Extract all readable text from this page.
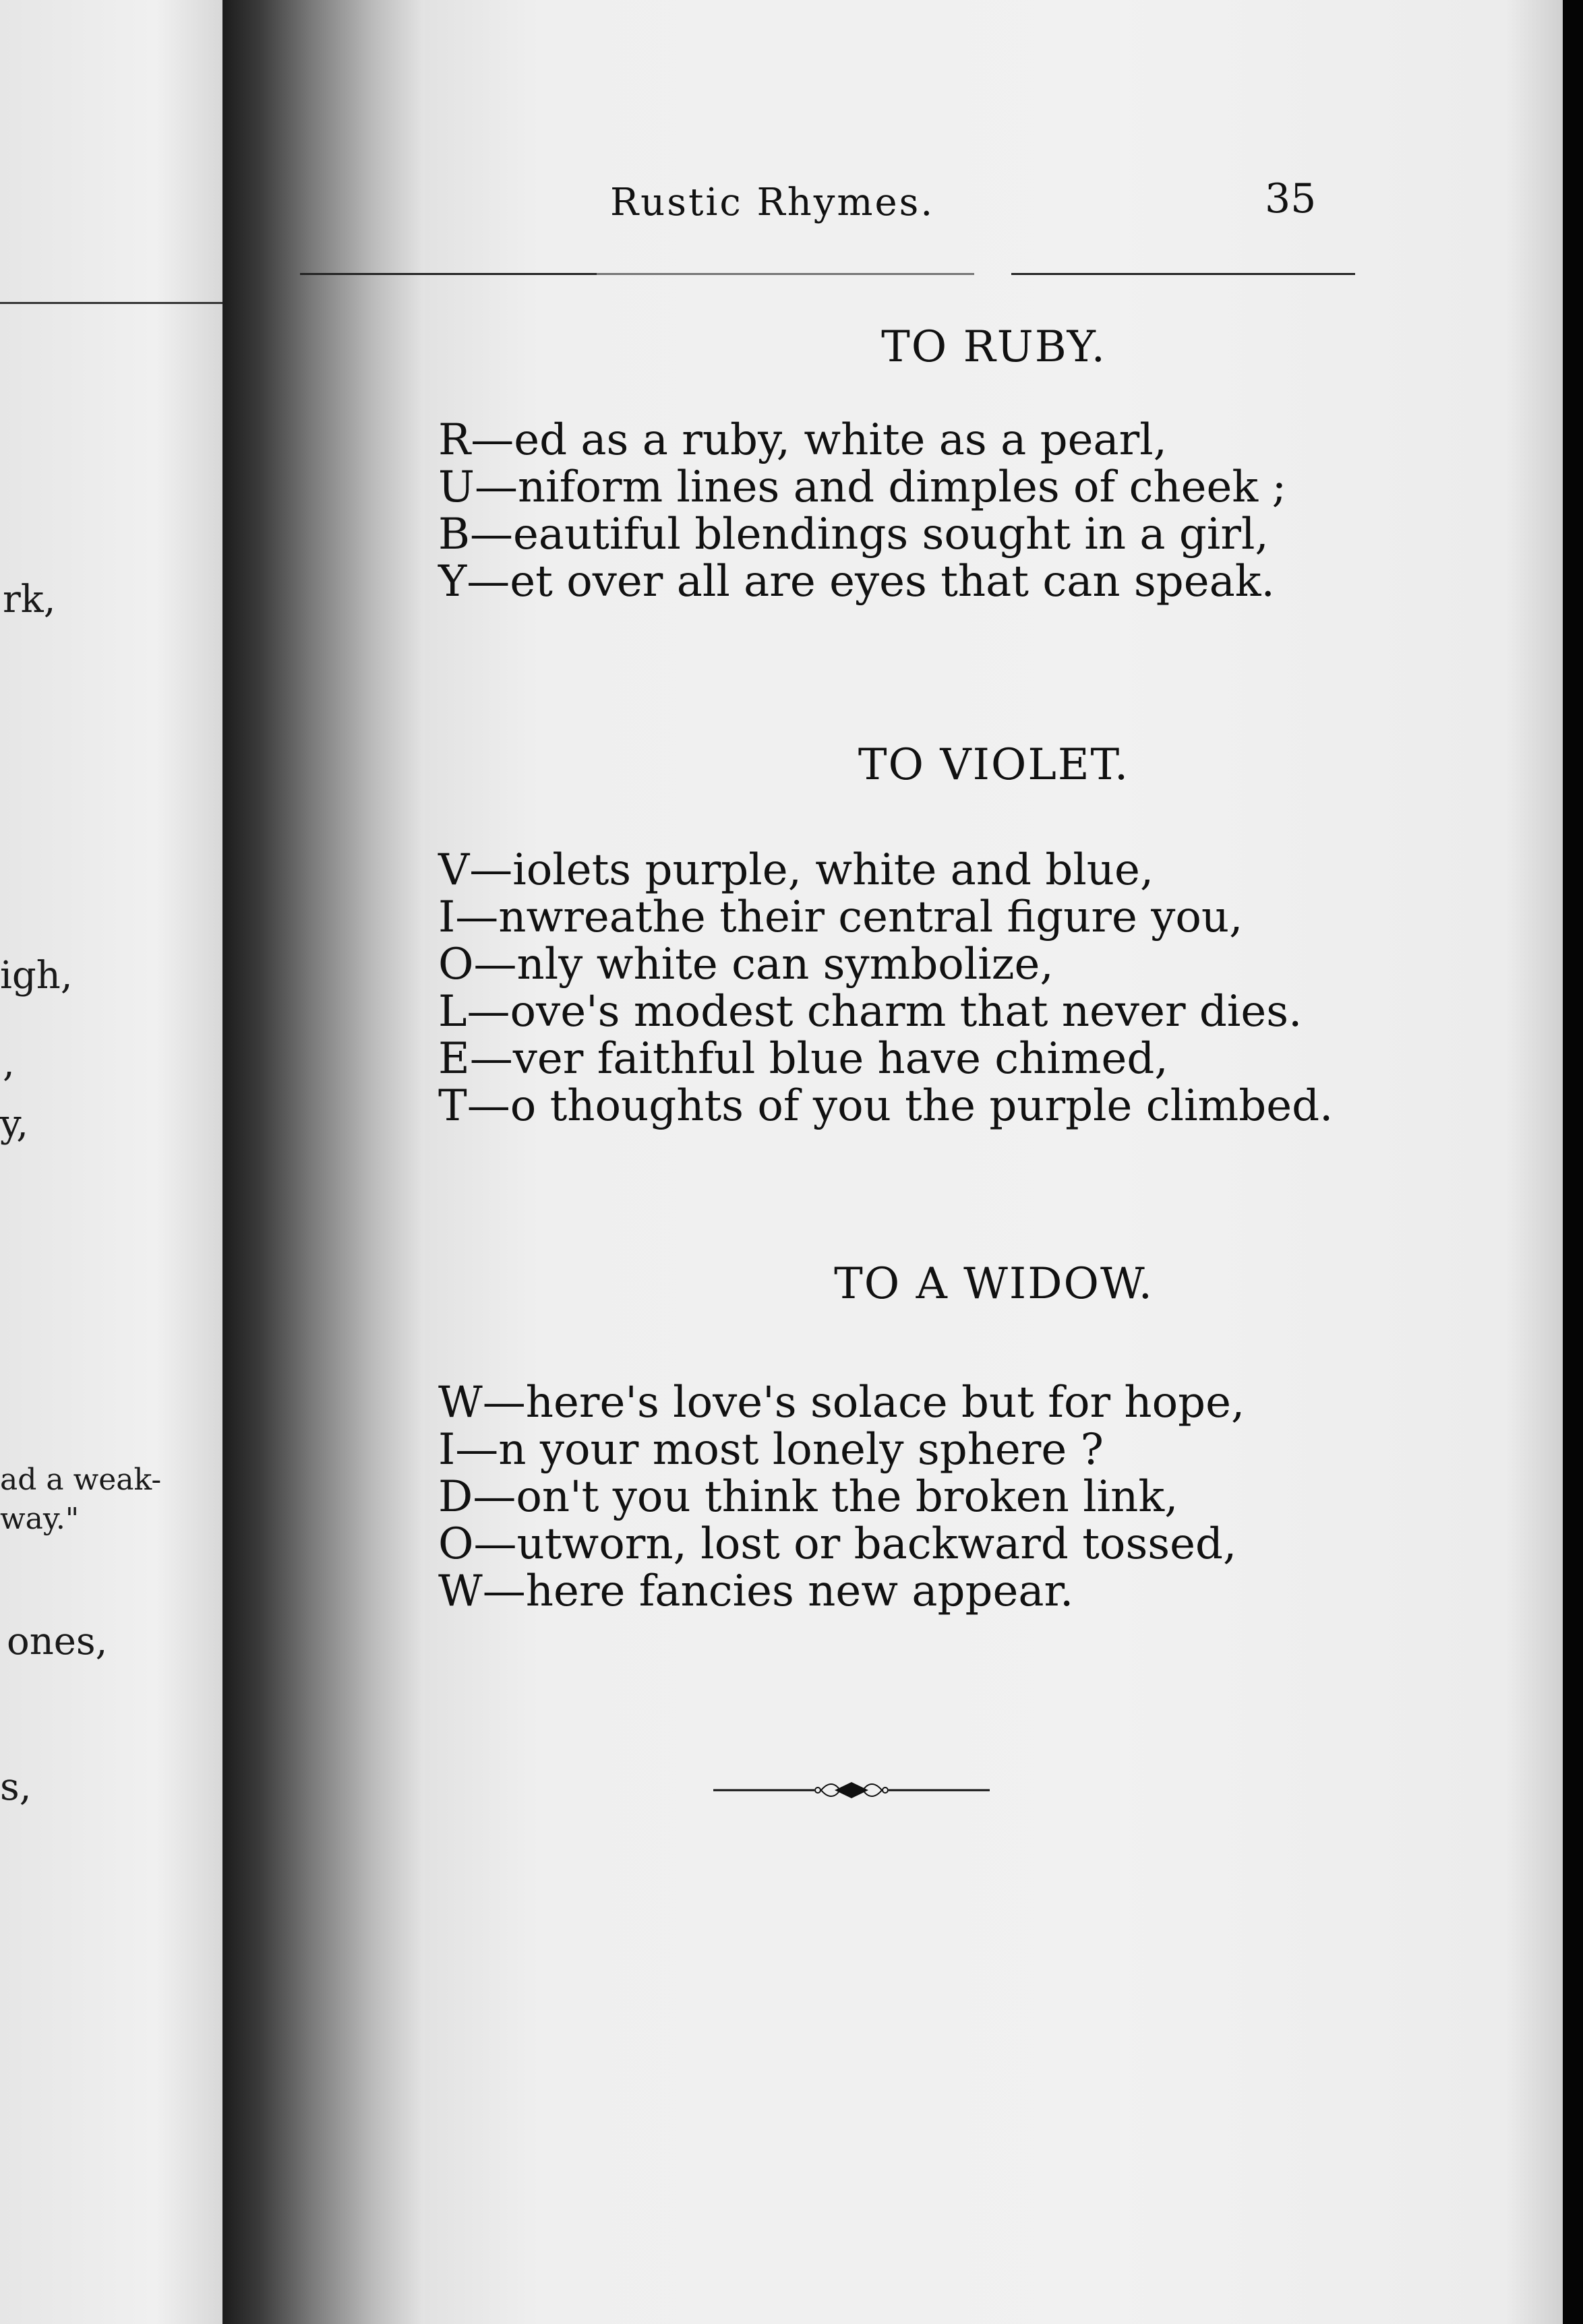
rk,
igh,
,
y,
ad a weak-
way."
ones,
s,
Rustic Rhymes.	35
TO RUBY.
R—ed as a ruby, white as a pearl,
U—niform lines and dimples of cheek ;
B—eautiful blendings sought in a girl,
Y—et over all are eyes that can speak.
TO VIOLET.
V—iolets purple, white and blue,
I—nwreathe their central figure you,
O—nly white can symbolize,
L—ove's modest charm that never dies.
E—ver faithful blue have chimed,
T—o thoughts of you the purple climbed.
TO A WIDOW.
W—here's love's solace but for hope,
I—n your most lonely sphere ?
D—on't you think the broken link,
O—utworn, lost or backward tossed,
W—here fancies new appear.
